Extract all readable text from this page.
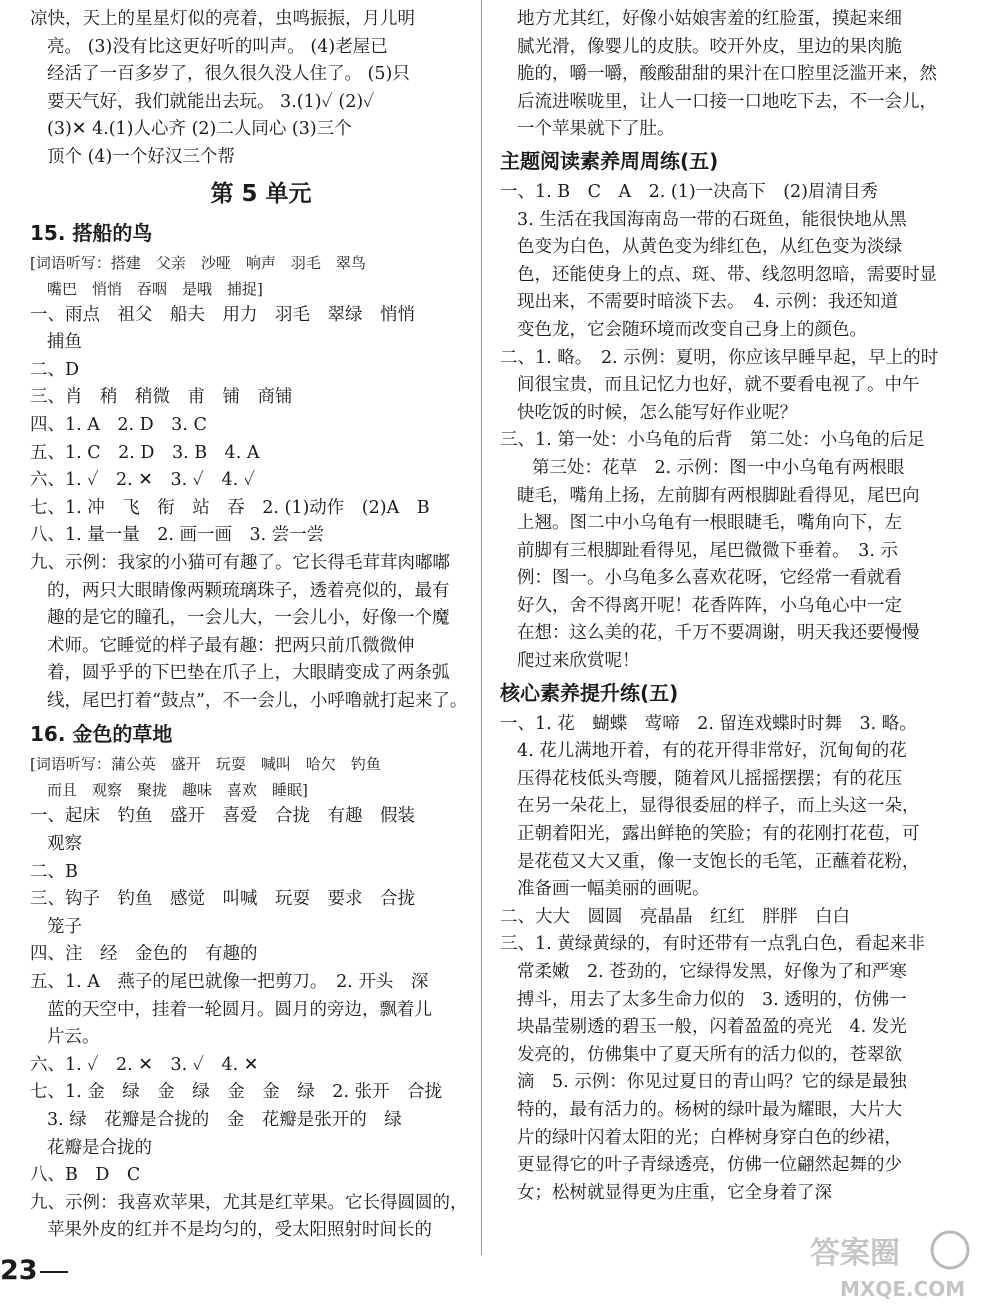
凉快，天上的星星灯似的亮着，虫鸣振振，月儿明
亮。 (3)没有比这更好听的叫声。 (4)老屋已
经活了一百多岁了，很久很久没人住了。 (5)只
要天气好，我们就能出去玩。 3.(1)✓ (2)✓
(3)✕ 4.(1)人心齐 (2)二人同心 (3)三个
顶个 (4)一个好汉三个帮
第 5 单元
15. 搭船的鸟
[词语听写：搭建　父亲　沙哑　响声　羽毛　翠鸟
嘴巴　悄悄　吞咽　是哦　捕捉]
一、雨点　祖父　船夫　用力　羽毛　翠绿　悄悄
捕鱼
二、D
三、肖　稍　稍微　甫　铺　商铺
四、1. A　2. D　3. C
五、1. C　2. D　3. B　4. A
六、1. ✓　2. ✕　3. ✓　4. ✓
七、1. 冲　飞　衔　站　吞　2. (1)动作　(2)A　B
八、1. 量一量　2. 画一画　3. 尝一尝
九、示例：我家的小猫可有趣了。它长得毛茸茸肉嘟嘟
的，两只大眼睛像两颗琉璃珠子，透着亮似的，最有
趣的是它的瞳孔，一会儿大，一会儿小，好像一个魔
术师。它睡觉的样子最有趣：把两只前爪微微伸
着，圆乎乎的下巴垫在爪子上，大眼睛变成了两条弧
线，尾巴打着“鼓点”，不一会儿，小呼噜就打起来了。
16. 金色的草地
[词语听写：蒲公英　盛开　玩耍　喊叫　哈欠　钓鱼
而且　观察　聚拢　趣味　喜欢　睡眠]
一、起床　钓鱼　盛开　喜爱　合拢　有趣　假装
观察
二、B
三、钩子　钓鱼　感觉　叫喊　玩耍　要求　合拢
笼子
四、注　经　金色的　有趣的
五、1. A　燕子的尾巴就像一把剪刀。　2. 开头　深
蓝的天空中，挂着一轮圆月。圆月的旁边，飘着儿
片云。
六、1. ✓　2. ✕　3. ✓　4. ✕
七、1. 金　绿　金　绿　金　金　绿　2. 张开　合拢
3. 绿　花瓣是合拢的　金　花瓣是张开的　绿
花瓣是合拢的
八、B　D　C
九、示例：我喜欢苹果，尤其是红苹果。它长得圆圆的，
苹果外皮的红并不是均匀的，受太阳照射时间长的
地方尤其红，好像小姑娘害羞的红脸蛋，摸起来细
腻光滑，像婴儿的皮肤。咬开外皮，里边的果肉脆
脆的，嚼一嚼，酸酸甜甜的果汁在口腔里泛滥开来，然
后流进喉咙里，让人一口接一口地吃下去，不一会儿，
一个苹果就下了肚。
主题阅读素养周周练(五)
一、1. B　C　A　2. (1)一决高下　(2)眉清目秀
3. 生活在我国海南岛一带的石斑鱼，能很快地从黑
色变为白色，从黄色变为绯红色，从红色变为淡绿
色，还能使身上的点、斑、带、线忽明忽暗，需要时显
现出来，不需要时暗淡下去。　4. 示例：我还知道
变色龙，它会随环境而改变自己身上的颜色。
二、1. 略。　2. 示例：夏明，你应该早睡早起，早上的时
间很宝贵，而且记忆力也好，就不要看电视了。中午
快吃饭的时候，怎么能写好作业呢？
三、1. 第一处：小乌龟的后背　第二处：小乌龟的后足
第三处：花草　2. 示例：图一中小乌龟有两根眼
睫毛，嘴角上扬，左前脚有两根脚趾看得见，尾巴向
上翘。图二中小乌龟有一根眼睫毛，嘴角向下，左
前脚有三根脚趾看得见，尾巴微微下垂着。　3. 示
例：图一。小乌龟多么喜欢花呀，它经常一看就看
好久，舍不得离开呢！花香阵阵，小乌龟心中一定
在想：这么美的花，千万不要凋谢，明天我还要慢慢
爬过来欣赏呢！
核心素养提升练(五)
一、1. 花　蝴蝶　莺啼　2. 留连戏蝶时时舞　3. 略。
4. 花儿满地开着，有的花开得非常好，沉甸甸的花
压得花枝低头弯腰，随着风儿摇摇摆摆；有的花压
在另一朵花上，显得很委屈的样子，而上头这一朵，
正朝着阳光，露出鲜艳的笑脸；有的花刚打花苞，可
是花苞又大又重，像一支饱长的毛笔，正蘸着花粉，
准备画一幅美丽的画呢。
二、大大　圆圆　亮晶晶　红红　胖胖　白白
三、1. 黄绿黄绿的，有时还带有一点乳白色，看起来非
常柔嫩　2. 苍劲的，它绿得发黑，好像为了和严寒
搏斗，用去了太多生命力似的　3. 透明的，仿佛一
块晶莹剔透的碧玉一般，闪着盈盈的亮光　4. 发光
发亮的，仿佛集中了夏天所有的活力似的，苍翠欲
滴　5. 示例：你见过夏日的青山吗？它的绿是最独
特的，最有活力的。杨树的绿叶最为耀眼，大片大
片的绿叶闪着太阳的光；白桦树身穿白色的纱裙，
更显得它的叶子青绿透亮，仿佛一位翩然起舞的少
女；松树就显得更为庄重，它全身着了深
23	答案圈
MXQE.COM
